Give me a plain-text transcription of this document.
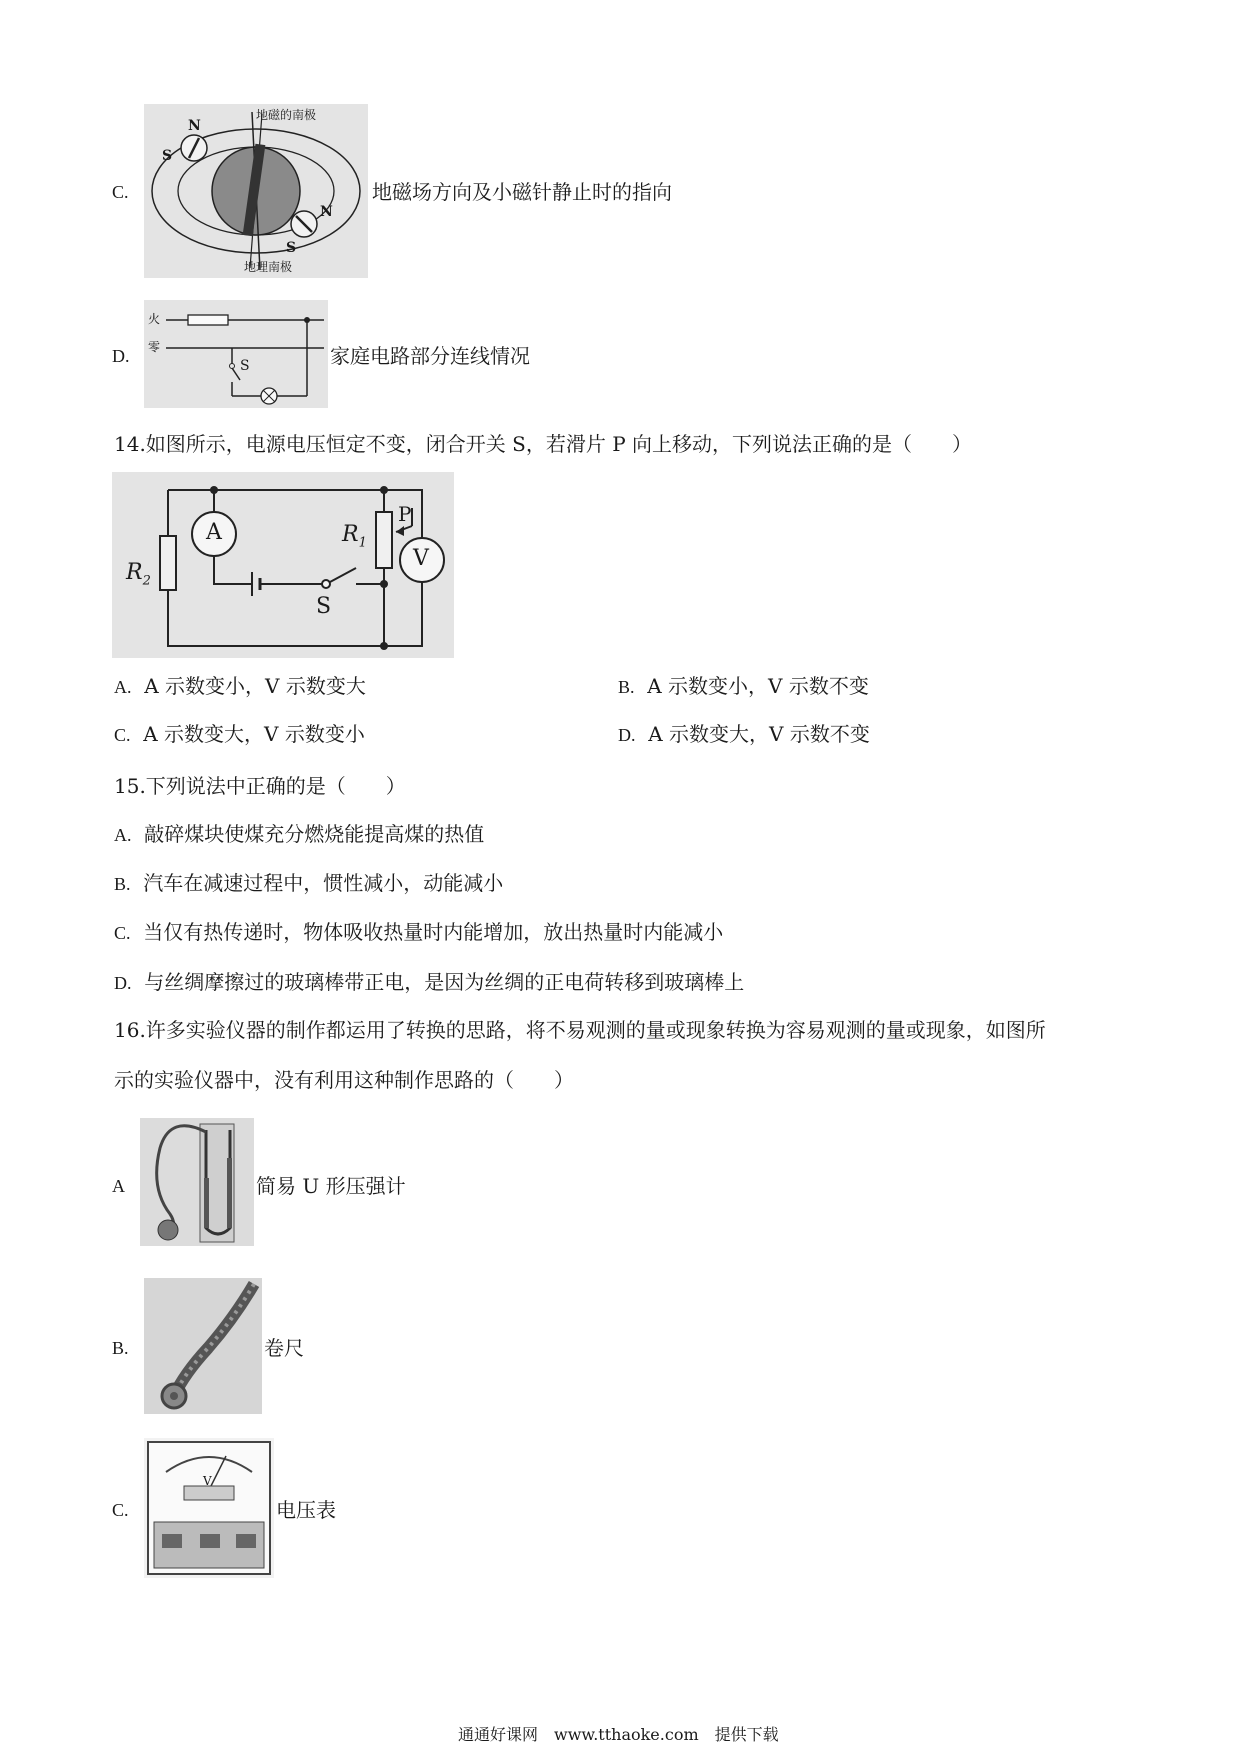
C.
地磁的南极
地理南极
N
S
N
S
地磁场方向及小磁针静止时的指向
D.
火
零
S	家庭电路部分连线情况
14.如图所示，电源电压恒定不变，闭合开关 S，若滑片 P 向上移动，下列说法正确的是（　　）
$R_2$
$R_1$
P
A
V
S
A. A 示数变小，V 示数变大	B. A 示数变小，V 示数不变
C. A 示数变大，V 示数变小	D. A 示数变大，V 示数不变
15.下列说法中正确的是（　　）
A. 敲碎煤块使煤充分燃烧能提高煤的热值
B. 汽车在减速过程中，惯性减小，动能减小
C. 当仅有热传递时，物体吸收热量时内能增加，放出热量时内能减小
D. 与丝绸摩擦过的玻璃棒带正电，是因为丝绸的正电荷转移到玻璃棒上
16.许多实验仪器的制作都运用了转换的思路，将不易观测的量或现象转换为容易观测的量或现象，如图所
示的实验仪器中，没有利用这种制作思路的（　　）
A	简易 U 形压强计
B.	卷尺
C.
V
电压表
通通好课网　www.tthaoke.com　提供下载
